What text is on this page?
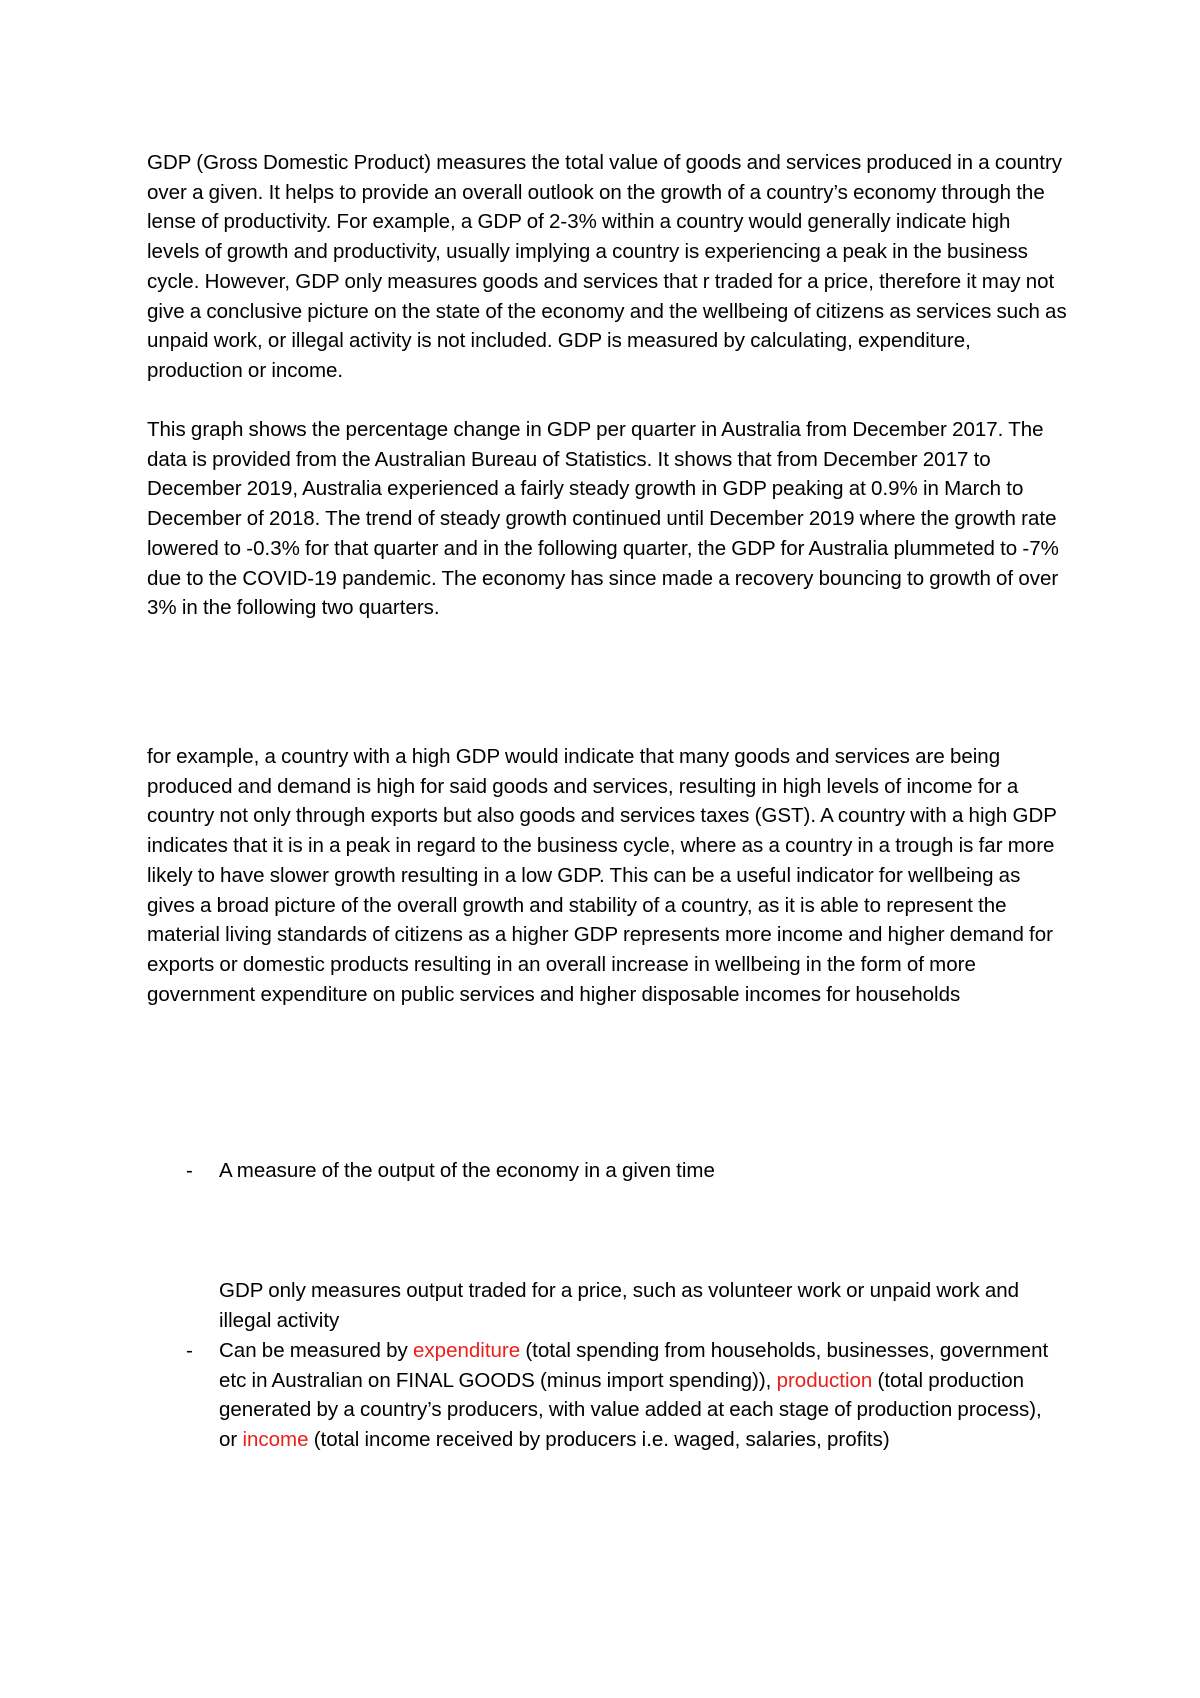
GDP (Gross Domestic Product) measures the total value of goods and services produced in a country over a given. It helps to provide an overall outlook on the growth of a country’s economy through the lense of productivity. For example, a GDP of 2-3% within a country would generally indicate high levels of growth and productivity, usually implying a country is experiencing a peak in the business cycle. However, GDP only measures goods and services that r traded for a price, therefore it may not give a conclusive picture on the state of the economy and the wellbeing of citizens as services such as unpaid work, or illegal activity is not included. GDP is measured by calculating, expenditure, production or income.
This graph shows the percentage change in GDP per quarter in Australia from December 2017. The data is provided from the Australian Bureau of Statistics. It shows that from December 2017 to December 2019, Australia experienced a fairly steady growth in GDP peaking at 0.9% in March to December of 2018. The trend of steady growth continued until December 2019 where the growth rate lowered to -0.3% for that quarter and in the following quarter, the GDP for Australia plummeted to -7% due to the COVID-19 pandemic. The economy has since made a recovery bouncing to growth of over 3% in the following two quarters.
for example, a country with a high GDP would indicate that many goods and services are being produced and demand is high for said goods and services, resulting in high levels of income for a country not only through exports but also goods and services taxes (GST). A country with a high GDP indicates that it is in a peak in regard to the business cycle, where as a country in a trough is far more likely to have slower growth resulting in a low GDP. This can be a useful indicator for wellbeing as gives a broad picture of the overall growth and stability of a country, as it is able to represent the material living standards of citizens as a higher GDP represents more income and higher demand for exports or domestic products resulting in an overall increase in wellbeing in the form of more government expenditure on public services and higher disposable incomes for households
- A measure of the output of the economy in a given time
GDP only measures output traded for a price, such as volunteer work or unpaid work and illegal activity
- Can be measured by expenditure (total spending from households, businesses, government etc in Australian on FINAL GOODS (minus import spending)), production (total production generated by a country’s producers, with value added at each stage of production process), or income (total income received by producers i.e. waged, salaries, profits)
